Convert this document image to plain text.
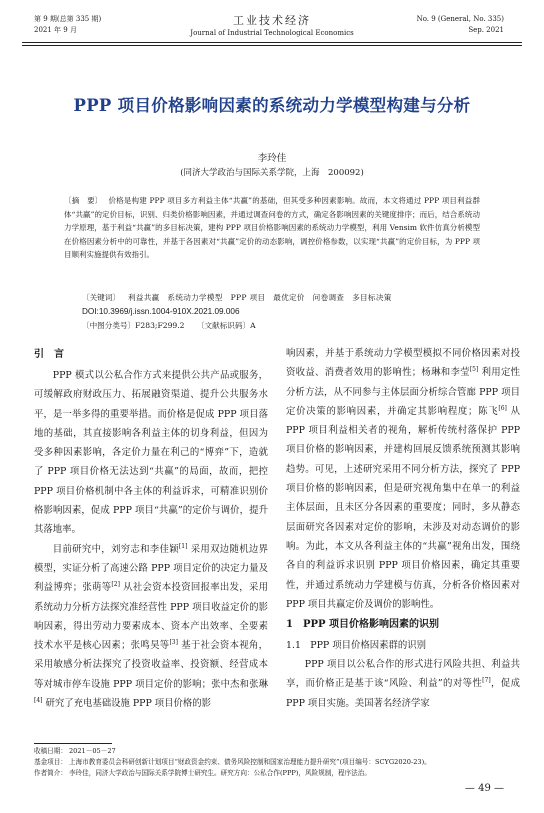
第 9 期(总第 335 期)
2021 年 9 月
工业技术经济
Journal of Industrial Technological Economics
No. 9 (General, No. 335)
Sep. 2021
PPP 项目价格影响因素的系统动力学模型构建与分析
李玲佳
(同济大学政治与国际关系学院，上海　200092)
〔摘　要〕 价格是构建 PPP 项目多方利益主体“共赢”的基础，但其受多种因素影响。故而，本文将通过 PPP 项目利益群体“共赢”的定价目标，识别、归类价格影响因素，并通过调查问卷的方式，确定各影响因素的关键度排序；而后，结合系统动力学原理，基于利益“共赢”的多目标决策，建构 PPP 项目价格影响因素的系统动力学模型，利用 Vensim 软件仿真分析模型在价格因素分析中的可靠性，并基于各因素对“共赢”定价的动态影响，调控价格参数，以实现“共赢”的定价目标，为 PPP 项目顺利实施提供有效指引。
〔关键词〕 利益共赢　系统动力学模型　PPP 项目　最优定价　问卷调查　多目标决策
DOI:10.3969/j.issn.1004-910X.2021.09.006
〔中图分类号〕F283;F299.2 〔文献标识码〕A
引　言

PPP 模式以公私合作方式来提供公共产品或服务，可缓解政府财政压力、拓展融资渠道、提升公共服务水平，是一举多得的重要举措。而价格是促成 PPP 项目落地的基础，其直接影响各利益主体的切身利益，但因为受多种因素影响，各定价力量在利己的“博弈”下，造就了 PPP 项目价格无法达到“共赢”的局面，故而，把控 PPP 项目价格机制中各主体的利益诉求，可精准识别价格影响因素，促成 PPP 项目“共赢”的定价与调价，提升其落地率。

目前研究中，刘穷志和李佳颖[1] 采用双边随机边界模型，实证分析了高速公路 PPP 项目定价的决定力量及利益博弈；张萌等[2] 从社会资本投资回报率出发，采用系统动力分析方法探究准经营性 PPP 项目收益定价的影响因素，得出劳动力要素成本、资本产出效率、全要素技术水平是核心因素；张鸣昊等[3] 基于社会资本视角，采用敏感分析法探究了投资收益率、投资额、经营成本等对城市停车设施 PPP 项目定价的影响；张中杰和张琳[4] 研究了充电基础设施 PPP 项目价格的影

响因素，并基于系统动力学模型模拟不同价格因素对投资收益、消费者效用的影响性；杨琳和李莹[5] 利用定性分析方法，从不同参与主体层面分析综合管廊 PPP 项目定价决策的影响因素，并确定其影响程度；陈飞[6] 从 PPP 项目利益相关者的视角，解析传统村落保护 PPP 项目价格的影响因素，并建构回展反馈系统预测其影响趋势。可见，上述研究采用不同分析方法，探究了 PPP 项目价格的影响因素，但是研究视角集中在单一的利益主体层面，且未区分各因素的重要度；同时，多从静态层面研究各因素对定价的影响，未涉及对动态调价的影响。为此，本文从各利益主体的“共赢”视角出发，围绕各自的利益诉求识别 PPP 项目价格因素，确定其重要性，并通过系统动力学建模与仿真，分析各价格因素对 PPP 项目共赢定价及调价的影响性。

1　PPP 项目价格影响因素的识别
1.1　PPP 项目价格因素群的识别

PPP 项目以公私合作的形式进行风险共担、利益共享，而价格正是基于该“风险、利益”的对等性[7]，促成 PPP 项目实施。美国著名经济学家

收稿日期： 2021－05－27
基金项目： 上海市教育委员会科研创新计划项目“财政资金约束、债务风险控制和国家治理能力提升研究”(项目编号：SCYG2020-23)。
作者简介： 李玲佳，同济大学政治与国际关系学院博士研究生。研究方向：公私合作(PPP)，风险规制，程序法治。
— 49 —
